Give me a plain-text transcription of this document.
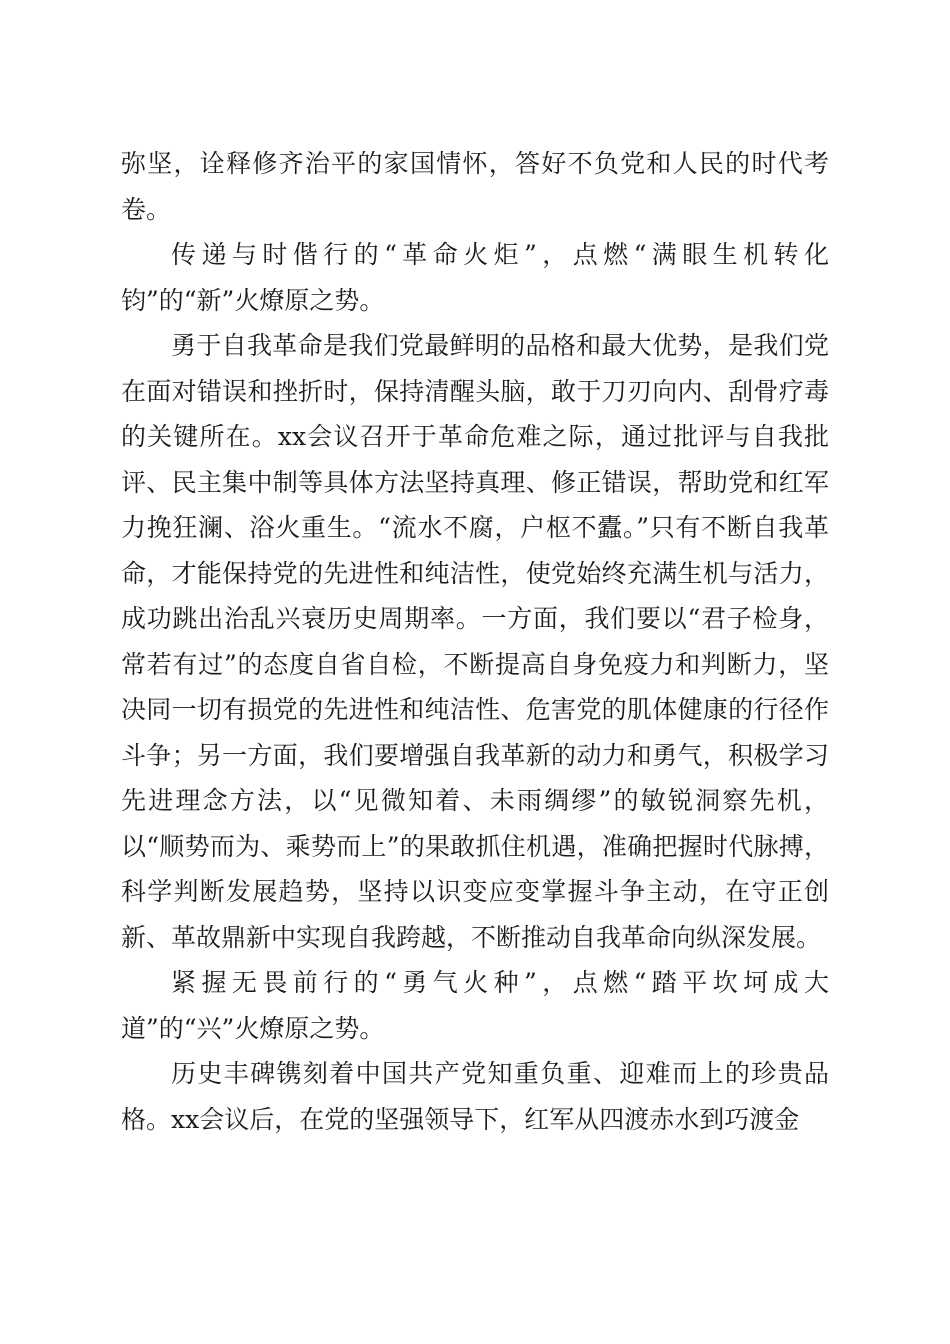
弥坚，诠释修齐治平的家国情怀，答好不负党和人民的时代考卷。

传递与时偕行的“革命火炬”，点燃“满眼生机转化钧”的“新”火燎原之势。

勇于自我革命是我们党最鲜明的品格和最大优势，是我们党在面对错误和挫折时，保持清醒头脑，敢于刀刃向内、刮骨疗毒的关键所在。xx会议召开于革命危难之际，通过批评与自我批评、民主集中制等具体方法坚持真理、修正错误，帮助党和红军力挽狂澜、浴火重生。“流水不腐，户枢不蠹。”只有不断自我革命，才能保持党的先进性和纯洁性，使党始终充满生机与活力，成功跳出治乱兴衰历史周期率。一方面，我们要以“君子检身，常若有过”的态度自省自检，不断提高自身免疫力和判断力，坚决同一切有损党的先进性和纯洁性、危害党的肌体健康的行径作斗争；另一方面，我们要增强自我革新的动力和勇气，积极学习先进理念方法，以“见微知着、未雨绸缪”的敏锐洞察先机，以“顺势而为、乘势而上”的果敢抓住机遇，准确把握时代脉搏，科学判断发展趋势，坚持以识变应变掌握斗争主动，在守正创新、革故鼎新中实现自我跨越，不断推动自我革命向纵深发展。

紧握无畏前行的“勇气火种”，点燃“踏平坎坷成大道”的“兴”火燎原之势。

历史丰碑镌刻着中国共产党知重负重、迎难而上的珍贵品格。xx会议后，在党的坚强领导下，红军从四渡赤水到巧渡金
